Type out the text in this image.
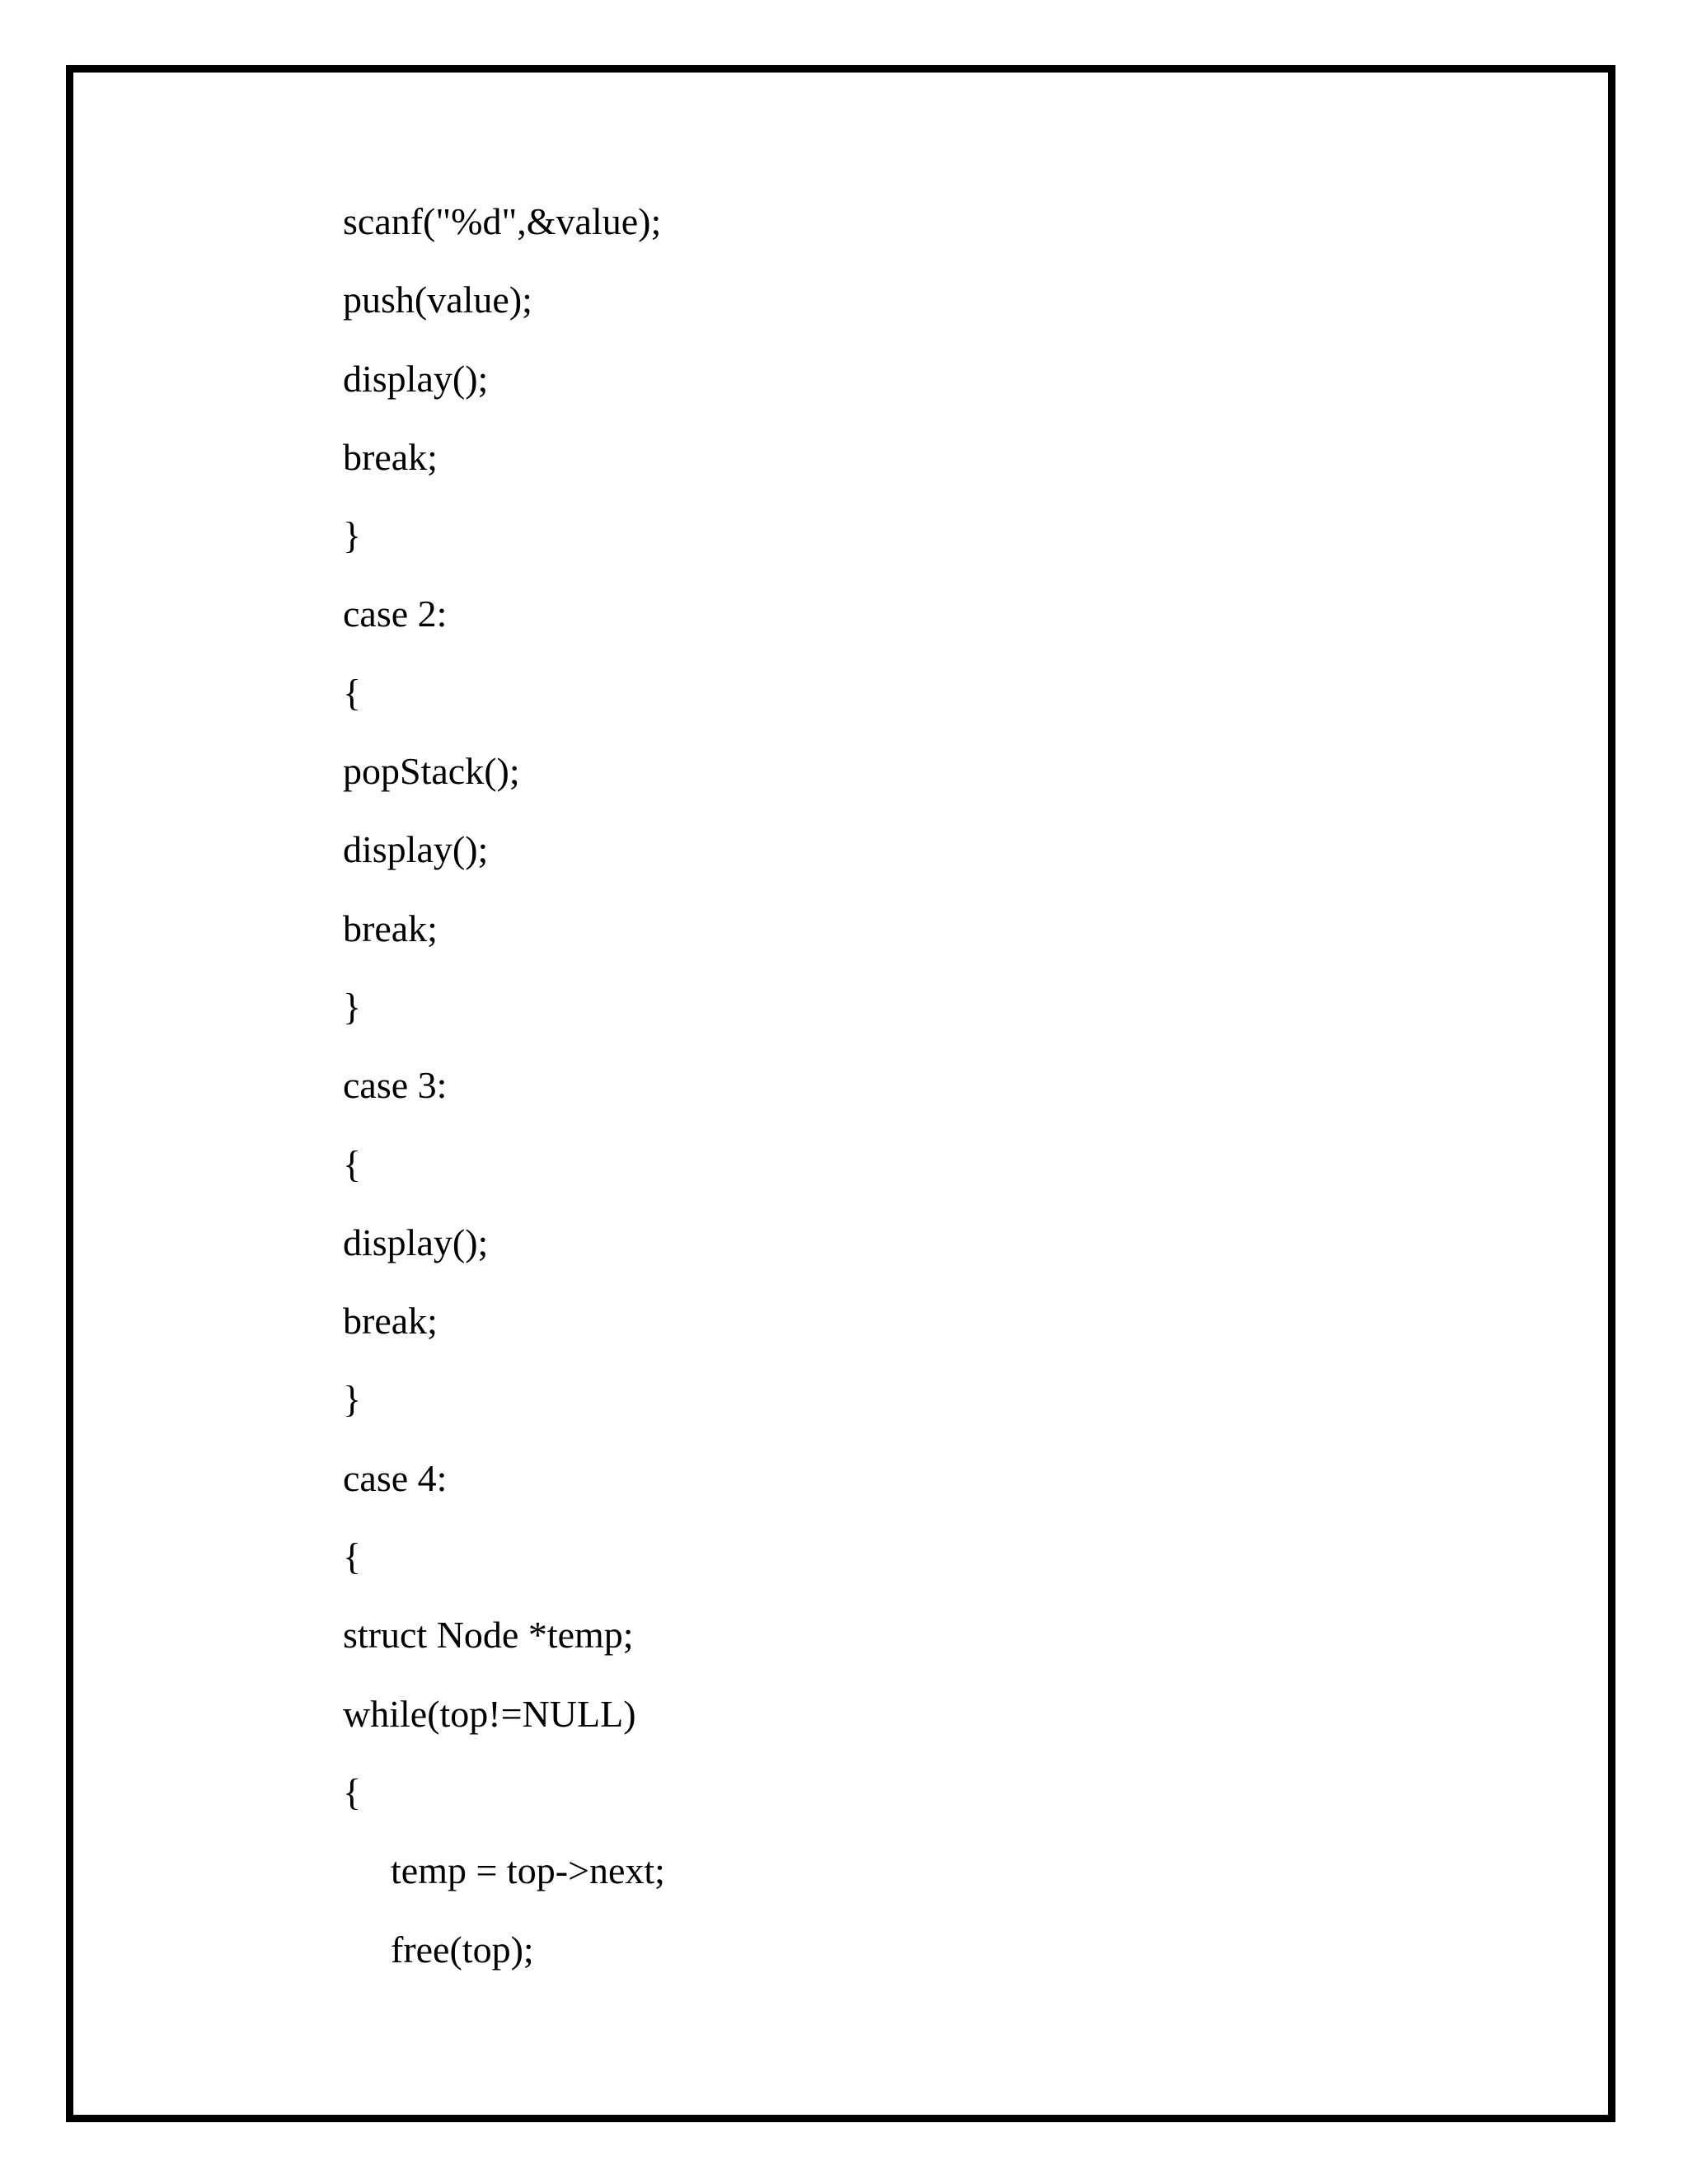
scanf("%d",&value);
push(value);
display();
break;
}
case 2:
{
popStack();
display();
break;
}
case 3:
{
display();
break;
}
case 4:
{
struct Node *temp;
while(top!=NULL)
{
temp = top->next;
free(top);
